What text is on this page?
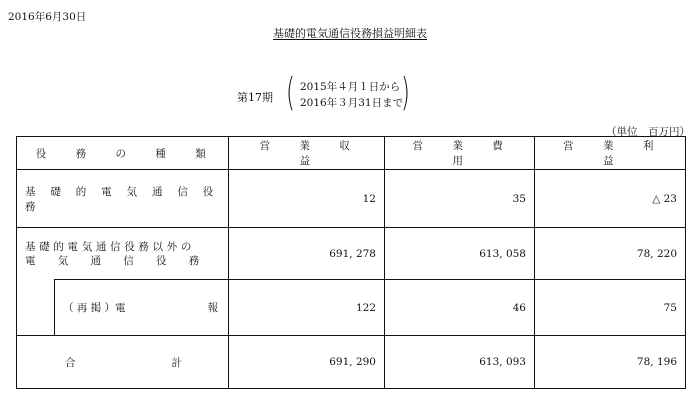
2016年6月30日
基礎的電気通信役務損益明細表
第17期 ( 2015年４月１日から
2016年３月31日まで
)
（単位　百万円）
役　務　の　種　類		営　業　収　益	営　業　費　用	営　業　利　益
基 礎 的 電 気 通 信 役 務		12	35	△ 23

基礎的電気通信役務以外の
電 気 通 信 役 務		691, 278	613, 058	78, 220

	（ 再 掲 ）電 報	122	46	75

合 計		691, 290	613, 093	78, 196
